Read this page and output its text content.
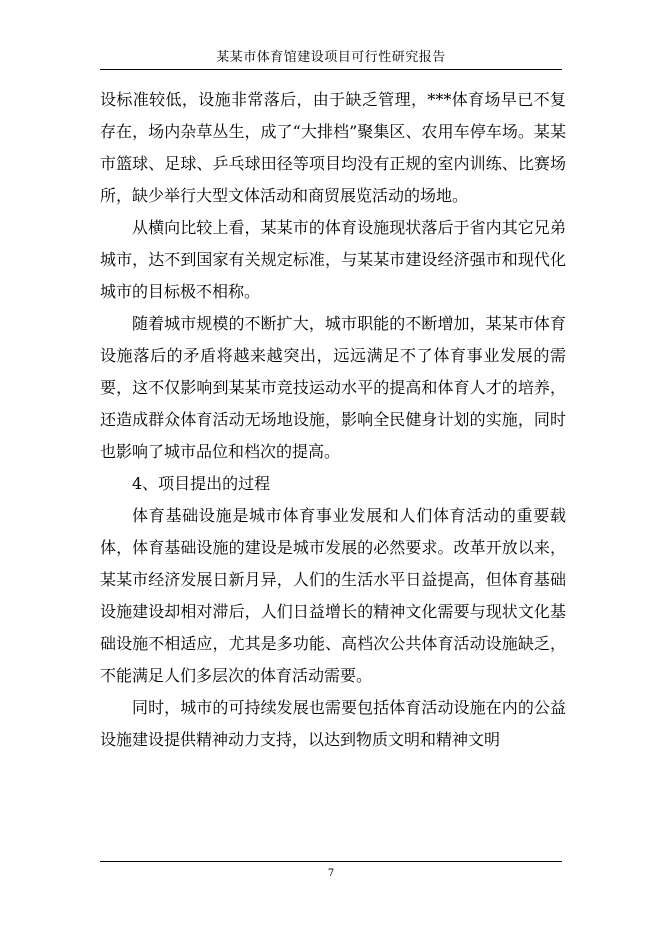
某某市体育馆建设项目可行性研究报告

设标准较低，设施非常落后，由于缺乏管理，***体育场早已不复存在，场内杂草丛生，成了“大排档”聚集区、农用车停车场。某某市篮球、足球、乒乓球田径等项目均没有正规的室内训练、比赛场所，缺少举行大型文体活动和商贸展览活动的场地。

从横向比较上看，某某市的体育设施现状落后于省内其它兄弟城市，达不到国家有关规定标准，与某某市建设经济强市和现代化城市的目标极不相称。

随着城市规模的不断扩大，城市职能的不断增加，某某市体育设施落后的矛盾将越来越突出，远远满足不了体育事业发展的需要，这不仅影响到某某市竞技运动水平的提高和体育人才的培养，还造成群众体育活动无场地设施，影响全民健身计划的实施，同时也影响了城市品位和档次的提高。

4、项目提出的过程

体育基础设施是城市体育事业发展和人们体育活动的重要载体，体育基础设施的建设是城市发展的必然要求。改革开放以来，某某市经济发展日新月异，人们的生活水平日益提高，但体育基础设施建设却相对滞后，人们日益增长的精神文化需要与现状文化基础设施不相适应，尤其是多功能、高档次公共体育活动设施缺乏，不能满足人们多层次的体育活动需要。

同时，城市的可持续发展也需要包括体育活动设施在内的公益设施建设提供精神动力支持，以达到物质文明和精神文明

7
